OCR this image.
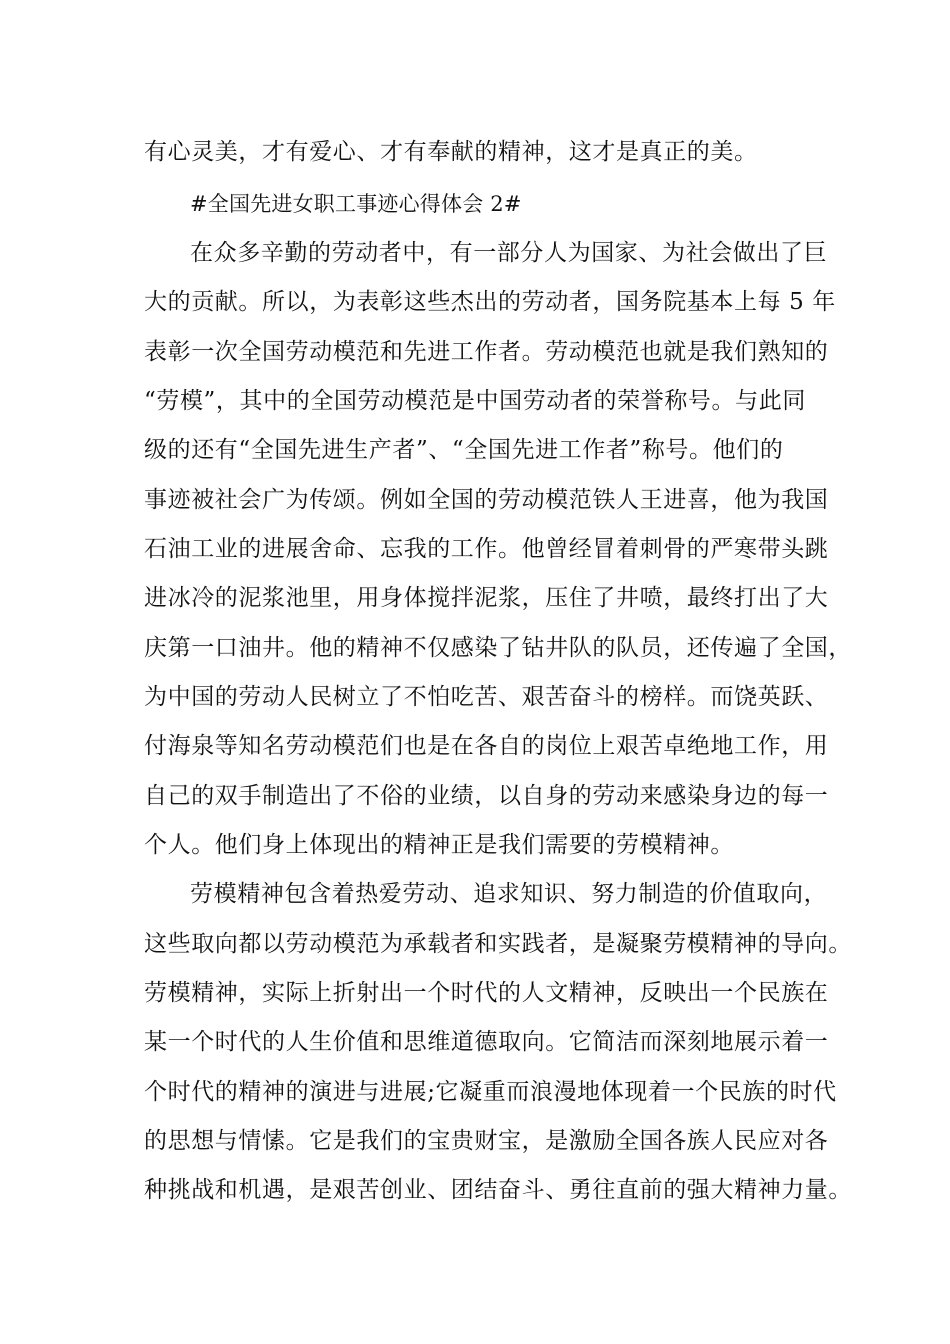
有心灵美，才有爱心、才有奉献的精神，这才是真正的美。
#全国先进女职工事迹心得体会 2#
在众多辛勤的劳动者中，有一部分人为国家、为社会做出了巨
大的贡献。所以，为表彰这些杰出的劳动者，国务院基本上每 5 年
表彰一次全国劳动模范和先进工作者。劳动模范也就是我们熟知的
“劳模”，其中的全国劳动模范是中国劳动者的荣誉称号。与此同
级的还有“全国先进生产者”、“全国先进工作者”称号。他们的
事迹被社会广为传颂。例如全国的劳动模范铁人王进喜，他为我国
石油工业的进展舍命、忘我的工作。他曾经冒着刺骨的严寒带头跳
进冰冷的泥浆池里，用身体搅拌泥浆，压住了井喷，最终打出了大
庆第一口油井。他的精神不仅感染了钻井队的队员，还传遍了全国，
为中国的劳动人民树立了不怕吃苦、艰苦奋斗的榜样。而饶英跃、
付海泉等知名劳动模范们也是在各自的岗位上艰苦卓绝地工作，用
自己的双手制造出了不俗的业绩，以自身的劳动来感染身边的每一
个人。他们身上体现出的精神正是我们需要的劳模精神。
劳模精神包含着热爱劳动、追求知识、努力制造的价值取向，
这些取向都以劳动模范为承载者和实践者，是凝聚劳模精神的导向。
劳模精神，实际上折射出一个时代的人文精神，反映出一个民族在
某一个时代的人生价值和思维道德取向。它简洁而深刻地展示着一
个时代的精神的演进与进展;它凝重而浪漫地体现着一个民族的时代
的思想与情愫。它是我们的宝贵财宝，是激励全国各族人民应对各
种挑战和机遇，是艰苦创业、团结奋斗、勇往直前的强大精神力量。
